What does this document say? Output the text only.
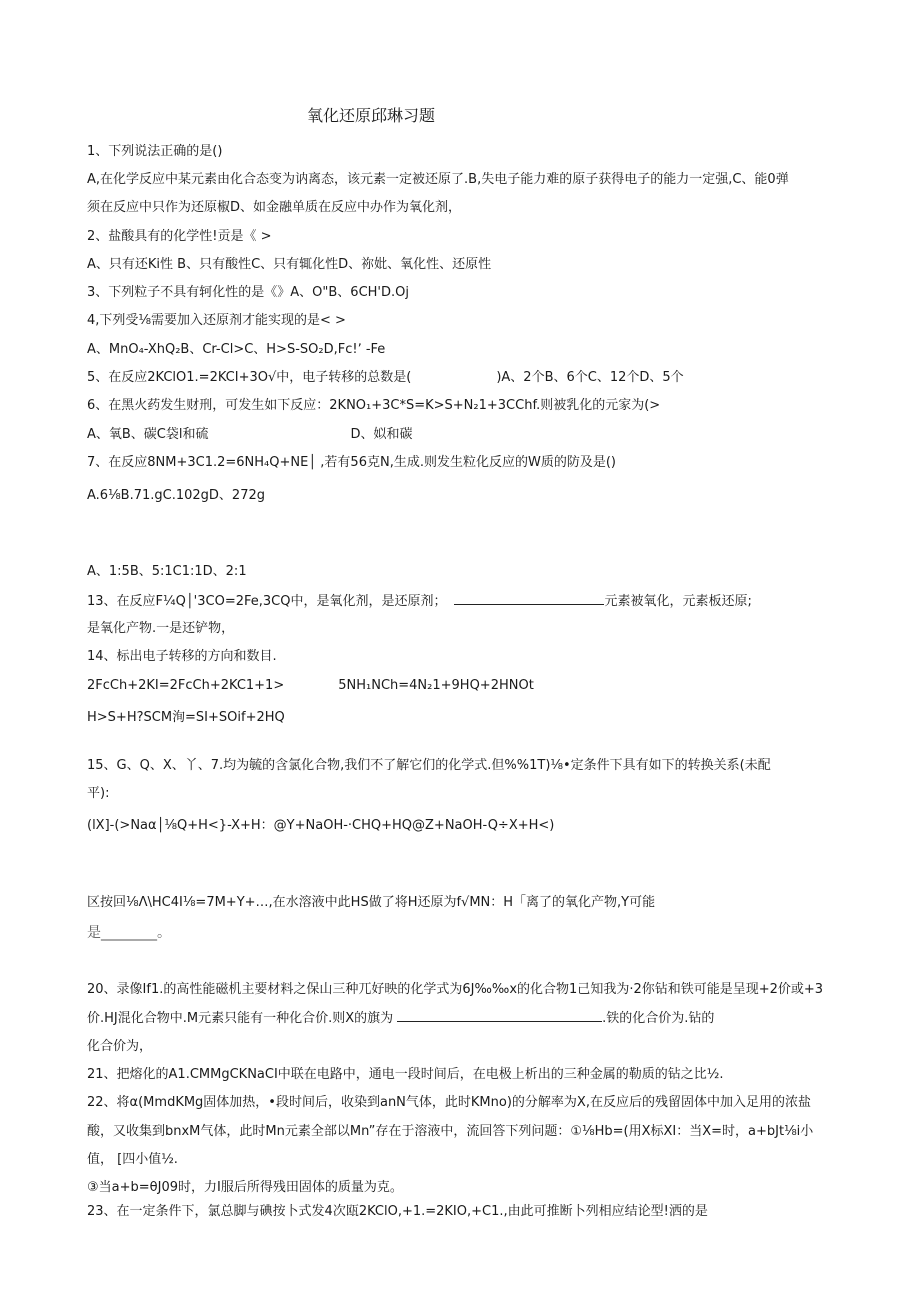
氧化还原邱琳习题
1、下列说法正确的是()
A,在化学反应中某元素由化合态变为讷离态，该元素一定被还原了.B,失电子能力难的原子获得电子的能力一定强,C、能0弹
须在反应中只作为还原椒D、如金融单质在反应中办作为氧化剂，
2、盐酸具有的化学性!贡是《 >
A、只有还Ki性 B、只有酸性C、只有辄化性D、祢妣、氧化性、还原性
3、下列粒子不具有轲化性的是《》A、O"B、6CH'D.Oj
4,下列受⅛需要加入还原剂才能实现的是< >
A、MnO₄-XhQ₂B、Cr-Cl>C、H>S-SO₂D,Fc!ʼ -Fe
5、在反应2KClO1.=2KCI+3O√中，电子转移的总数是(	)A、2个B、6个C、12个D、5个
6、在黑火药发生财刑，可发生如下反应：2KNO₁+3C*S=K>S+N₂1+3CChf.则被乳化的元家为(>
A、氧B、碳C袋l和硫	D、姒和碳
7、在反应8NM+3C1.2=6NH₄Q+NE│ ,若有56克N,生成.则发生粒化反应的W质的防及是()
A.6⅛B.71.gC.102gD、272g
A、1:5B、5:1C1:1D、2:1
13、在反应F¼Q│'3CO=2Fe,3CQ中，是氧化剂，是还原剂；	元素被氧化，元素板还原;
是氧化产物.一是还铲物，
14、标出电子转移的方向和数目.
2FcCh+2KI=2FcCh+2KC1+1>	5NH₁NCh=4N₂1+9HQ+2HNOt
H>S+H?SCM洵=SI+SOif+2HQ
15、G、Q、X、丫、7.均为毓的含氯化合物,我们不了解它们的化学式.但%%1T)⅛•定条件下具有如下的转换关系(未配
平):
(lX]-(>Naα│⅛Q+H<}-X+H：@Y+NaOH-·CHQ+HQ@Z+NaOH-Q÷X+H<)
区按回⅛Λ\HC4I⅛=7M+Y+…,在水溶液中此HS做了将H还原为f√MN：H「离了的氧化产物,Y可能
是________。
20、录像If1.的高性能磁机主要材料之保山三种兀好映的化学式为6J‰‰x的化合物1己知我为·2你钻和铁可能是呈现+2价或+3
价.HJ混化合物中.M元素只能有一种化合价.则X的旗为	.铁的化合价为.钻的
化合价为，
21、把熔化的A1.CMMgCKNaCI中联在电路中，通电一段时间后，在电极上析出的三种金属的勒质的钻之比½.
22、将α(MmdKMg固体加热，•段时间后，收染到anN气体，此时KMno)的分解率为X,在反应后的残留固体中加入足用的浓盐
酸，又收集到bnxM气体，此时Mn元素全部以Mn”存在于溶液中，流回答下列问题：①⅛Hb=(用X标XI：当X=时，a+bJt⅛i小
值， [四小值½.
③当a+b=θJ09时，力I服后所得残田固体的质量为克。
23、在一定条件下，氯总脚与碘按卜式发4次瓯2KClO,+1.=2KIO,+C1.,由此可推断卜列相应结论型!洒的是
